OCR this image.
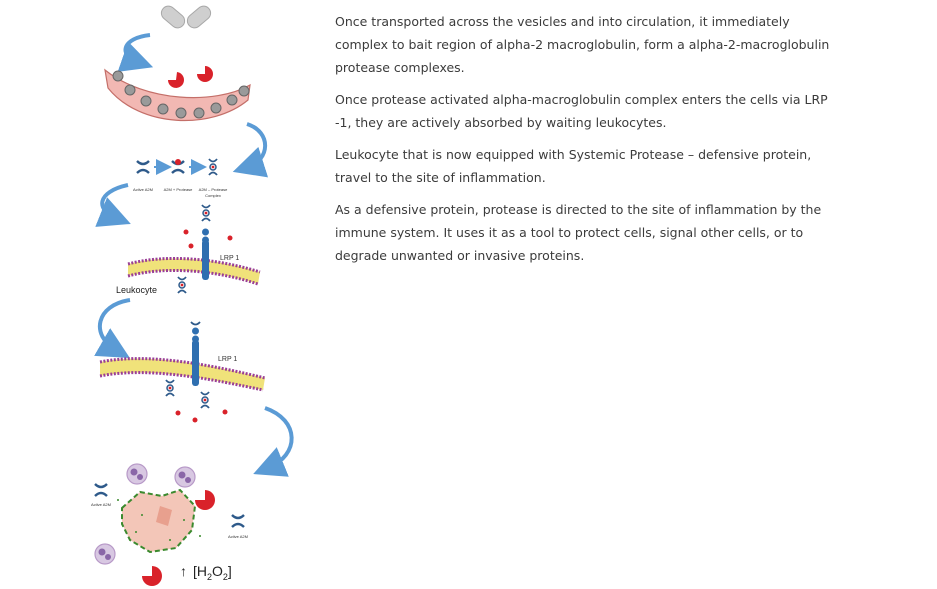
Active A2M	A2M + Protease A2M – Protease
Complex
LRP 1
Leukocyte
LRP 1
Active A2M
Active A2M
↑ $[H_2O_2]$

Once transported across the vesicles and into circulation, it immediately complex to bait region of alpha-2 macroglobulin, form a alpha-2-macroglobulin protease complexes.

Once protease activated alpha-macroglobulin complex enters the cells via LRP -1, they are actively absorbed by waiting leukocytes.

Leukocyte that is now equipped with Systemic Protease – defensive protein, travel to the site of inflammation.

As a defensive protein, protease is directed to the site of inflammation by the immune system. It uses it as a tool to protect cells, signal other cells, or to degrade unwanted or invasive proteins.
